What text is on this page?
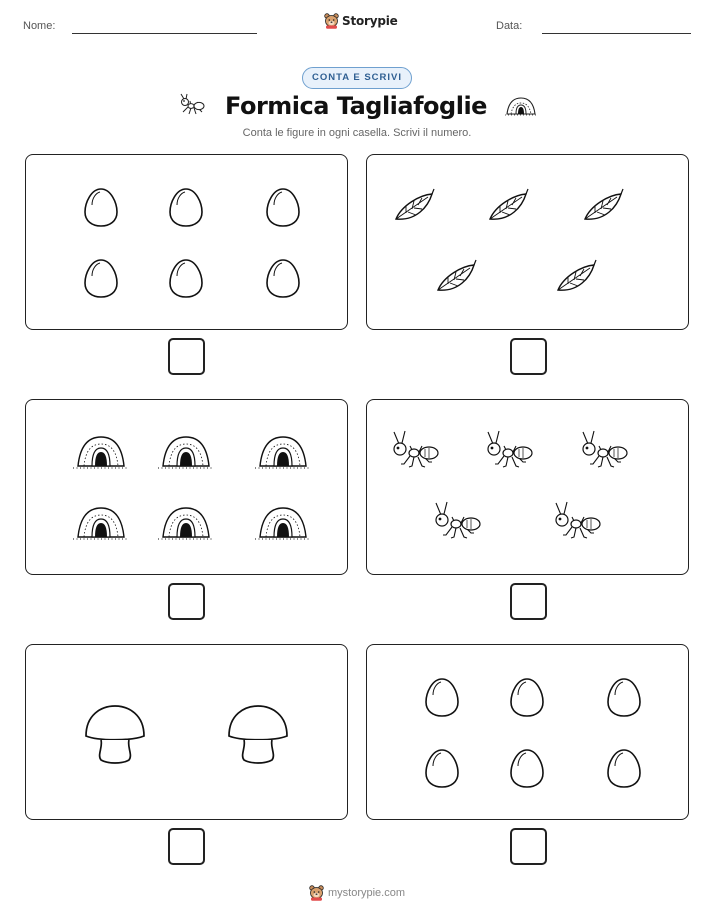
Nome:	Storypie	Data:
CONTA E SCRIVI
Formica Tagliafoglie
Conta le figure in ogni casella. Scrivi il numero.
mystorypie.com
